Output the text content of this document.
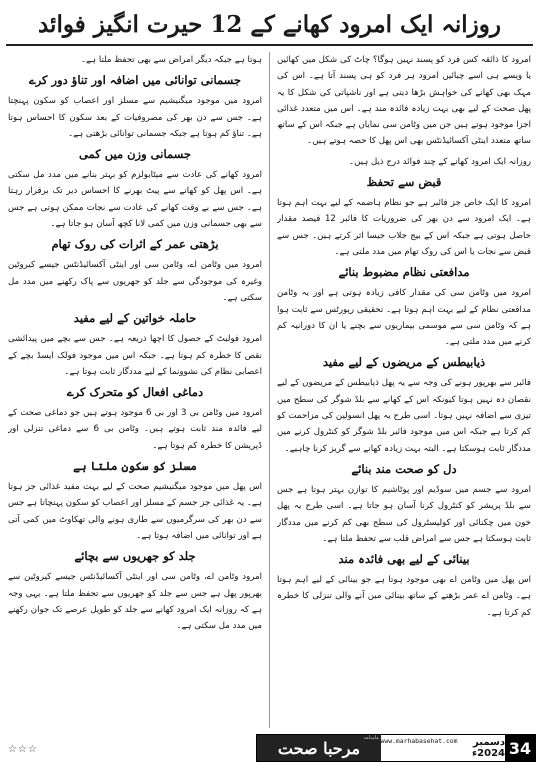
روزانہ ایک امرود کھانے کے 12 حیرت انگیز فوائد

امرود کا ذائقہ کس فرد کو پسند نہیں ہوگا؟ چاٹ کی شکل میں کھائیں یا ویسے ہی اسے چبائیں امرود ہر فرد کو ہی پسند آتا ہے۔ اس کی مہک بھی کھانے کی خواہش بڑھا دیتی ہے اور ناشپاتی کی شکل کا یہ پھل صحت کے لیے بھی بہت زیادہ فائدہ مند ہے۔ اس میں متعدد غذائی اجزا موجود ہوتے ہیں جن میں وٹامن سی نمایاں ہے جبکہ اس کے ساتھ ساتھ متعدد اینٹی آکسائیڈنٹس بھی اس پھل کا حصہ ہوتے ہیں۔

روزانہ ایک امرود کھانے کے چند فوائد درج ذیل ہیں۔

قبض سے تحفظ

امرود کا ایک خاص جز فائبر ہے جو نظام ہاضمہ کے لیے بہت اہم ہوتا ہے۔ ایک امرود سے دن بھر کی ضروریات کا فائبر 12 فیصد مقدار حاصل ہوتی ہے جبکہ اس کے بیج جلاب جیسا اثر کرتے ہیں۔ جس سے قبض سے نجات یا اس کی روک تھام میں مدد ملتی ہے۔

مدافعتی نظام مضبوط بنائے

امرود میں وٹامن سی کی مقدار کافی زیادہ ہوتی ہے اور یہ وٹامن مدافعتی نظام کے لیے بہت اہم ہوتا ہے۔ تحقیقی رپورٹس سے ثابت ہوا ہے کہ وٹامن سی سے موسمی بیماریوں سے بچنے یا ان کا دورانیہ کم کرنے میں مدد ملتی ہے۔

ذیابیطس کے مریضوں کے لیے مفید

فائبر سے بھرپور ہونے کی وجہ سے یہ پھل ذیابیطس کے مریضوں کے لیے نقصان دہ نہیں ہوتا کیونکہ اس کے کھانے سے بلڈ شوگر کی سطح میں تیزی سے اضافہ نہیں ہوتا۔ اسی طرح یہ پھل انسولین کی مزاحمت کو کم کرتا ہے جبکہ اس میں موجود فائبر بلڈ شوگر کو کنٹرول کرنے میں مددگار ثابت ہوسکتا ہے۔ البتہ بہت زیادہ کھانے سے گریز کرنا چاہیے۔

دل کو صحت مند بنائے

امرود سے جسم میں سوڈیم اور پوٹاشیم کا توازن بہتر ہوتا ہے جس سے بلڈ پریشر کو کنٹرول کرنا آسان ہو جاتا ہے۔ اسی طرح یہ پھل خون میں چکنائی اور کولیسٹرول کی سطح بھی کم کرنے میں مددگار ثابت ہوسکتا ہے جس سے امراض قلب سے تحفظ ملتا ہے۔

بینائی کے لیے بھی فائدہ مند

اس پھل میں وٹامن اے بھی موجود ہوتا ہے جو بینائی کے لیے اہم ہوتا ہے۔ وٹامن اے عمر بڑھنے کے ساتھ بینائی میں آنے والی تنزلی کا خطرہ کم کرتا ہے۔

ہوتا ہے جبکہ دیگر امراض سے بھی تحفظ ملتا ہے۔

جسمانی توانائی میں اضافہ اور تناؤ دور کرے

امرود میں موجود میگنیشیم سے مسلز اور اعصاب کو سکون پہنچتا ہے۔ جس سے دن بھر کی مصروفیات کے بعد سکون کا احساس ہوتا ہے۔ تناؤ کم ہوتا ہے جبکہ جسمانی توانائی بڑھتی ہے۔

جسمانی وزن میں کمی

امرود کھانے کی عادت سے میٹابولزم کو بہتر بنانے میں مدد مل سکتی ہے۔ اس پھل کو کھانے سے پیٹ بھرنے کا احساس دیر تک برقرار رہتا ہے۔ جس سے بے وقت کھانے کی عادت سے نجات ممکن ہوتی ہے جس سے بھی جسمانی وزن میں کمی لانا کچھ آسان ہو جاتا ہے۔

بڑھتی عمر کے اثرات کی روک تھام

امرود میں وٹامن اے، وٹامن سی اور اینٹی آکسائیڈنٹس جیسے کیروٹین وغیرہ کی موجودگی سے جلد کو جھریوں سے پاک رکھنے میں مدد مل سکتی ہے۔

حاملہ خواتین کے لیے مفید

امرود فولیٹ کے حصول کا اچھا ذریعہ ہے۔ جس سے بچے میں پیدائشی نقص کا خطرہ کم ہوتا ہے۔ جبکہ اس میں موجود فولک ایسڈ بچے کے اعصابی نظام کی نشوونما کے لیے مددگار ثابت ہوتا ہے۔

دماغی افعال کو متحرک کرے

امرود میں وٹامن بی 3 اور بی 6 موجود ہوتے ہیں جو دماغی صحت کے لیے فائدہ مند ثابت ہوتے ہیں۔ وٹامن بی 6 سے دماغی تنزلی اور ڈپریشن کا خطرہ کم ہوتا ہے۔

مسلز کو سکون ملتا ہے

اس پھل میں موجود میگنیشیم صحت کے لیے بہت مفید غذائی جز ہوتا ہے۔ یہ غذائی جز جسم کے مسلز اور اعصاب کو سکون پہنچاتا ہے جس سے دن بھر کی سرگرمیوں سے طاری ہونے والی تھکاوٹ میں کمی آتی ہے اور توانائی میں اضافہ ہوتا ہے۔

جلد کو جھریوں سے بچائے

امرود وٹامن اے، وٹامن سی اور اینٹی آکسائیڈنٹس جیسے کیروٹین سے بھرپور پھل ہے جس سے جلد کو جھریوں سے تحفظ ملتا ہے۔ یہی وجہ ہے کہ روزانہ ایک امرود کھانے سے جلد کو طویل عرصے تک جوان رکھنے میں مدد مل سکتی ہے۔

☆☆☆
ماہنامہ
مرحبا صحت	www.marhabasehat.com	دسمبر 2024ء 34
